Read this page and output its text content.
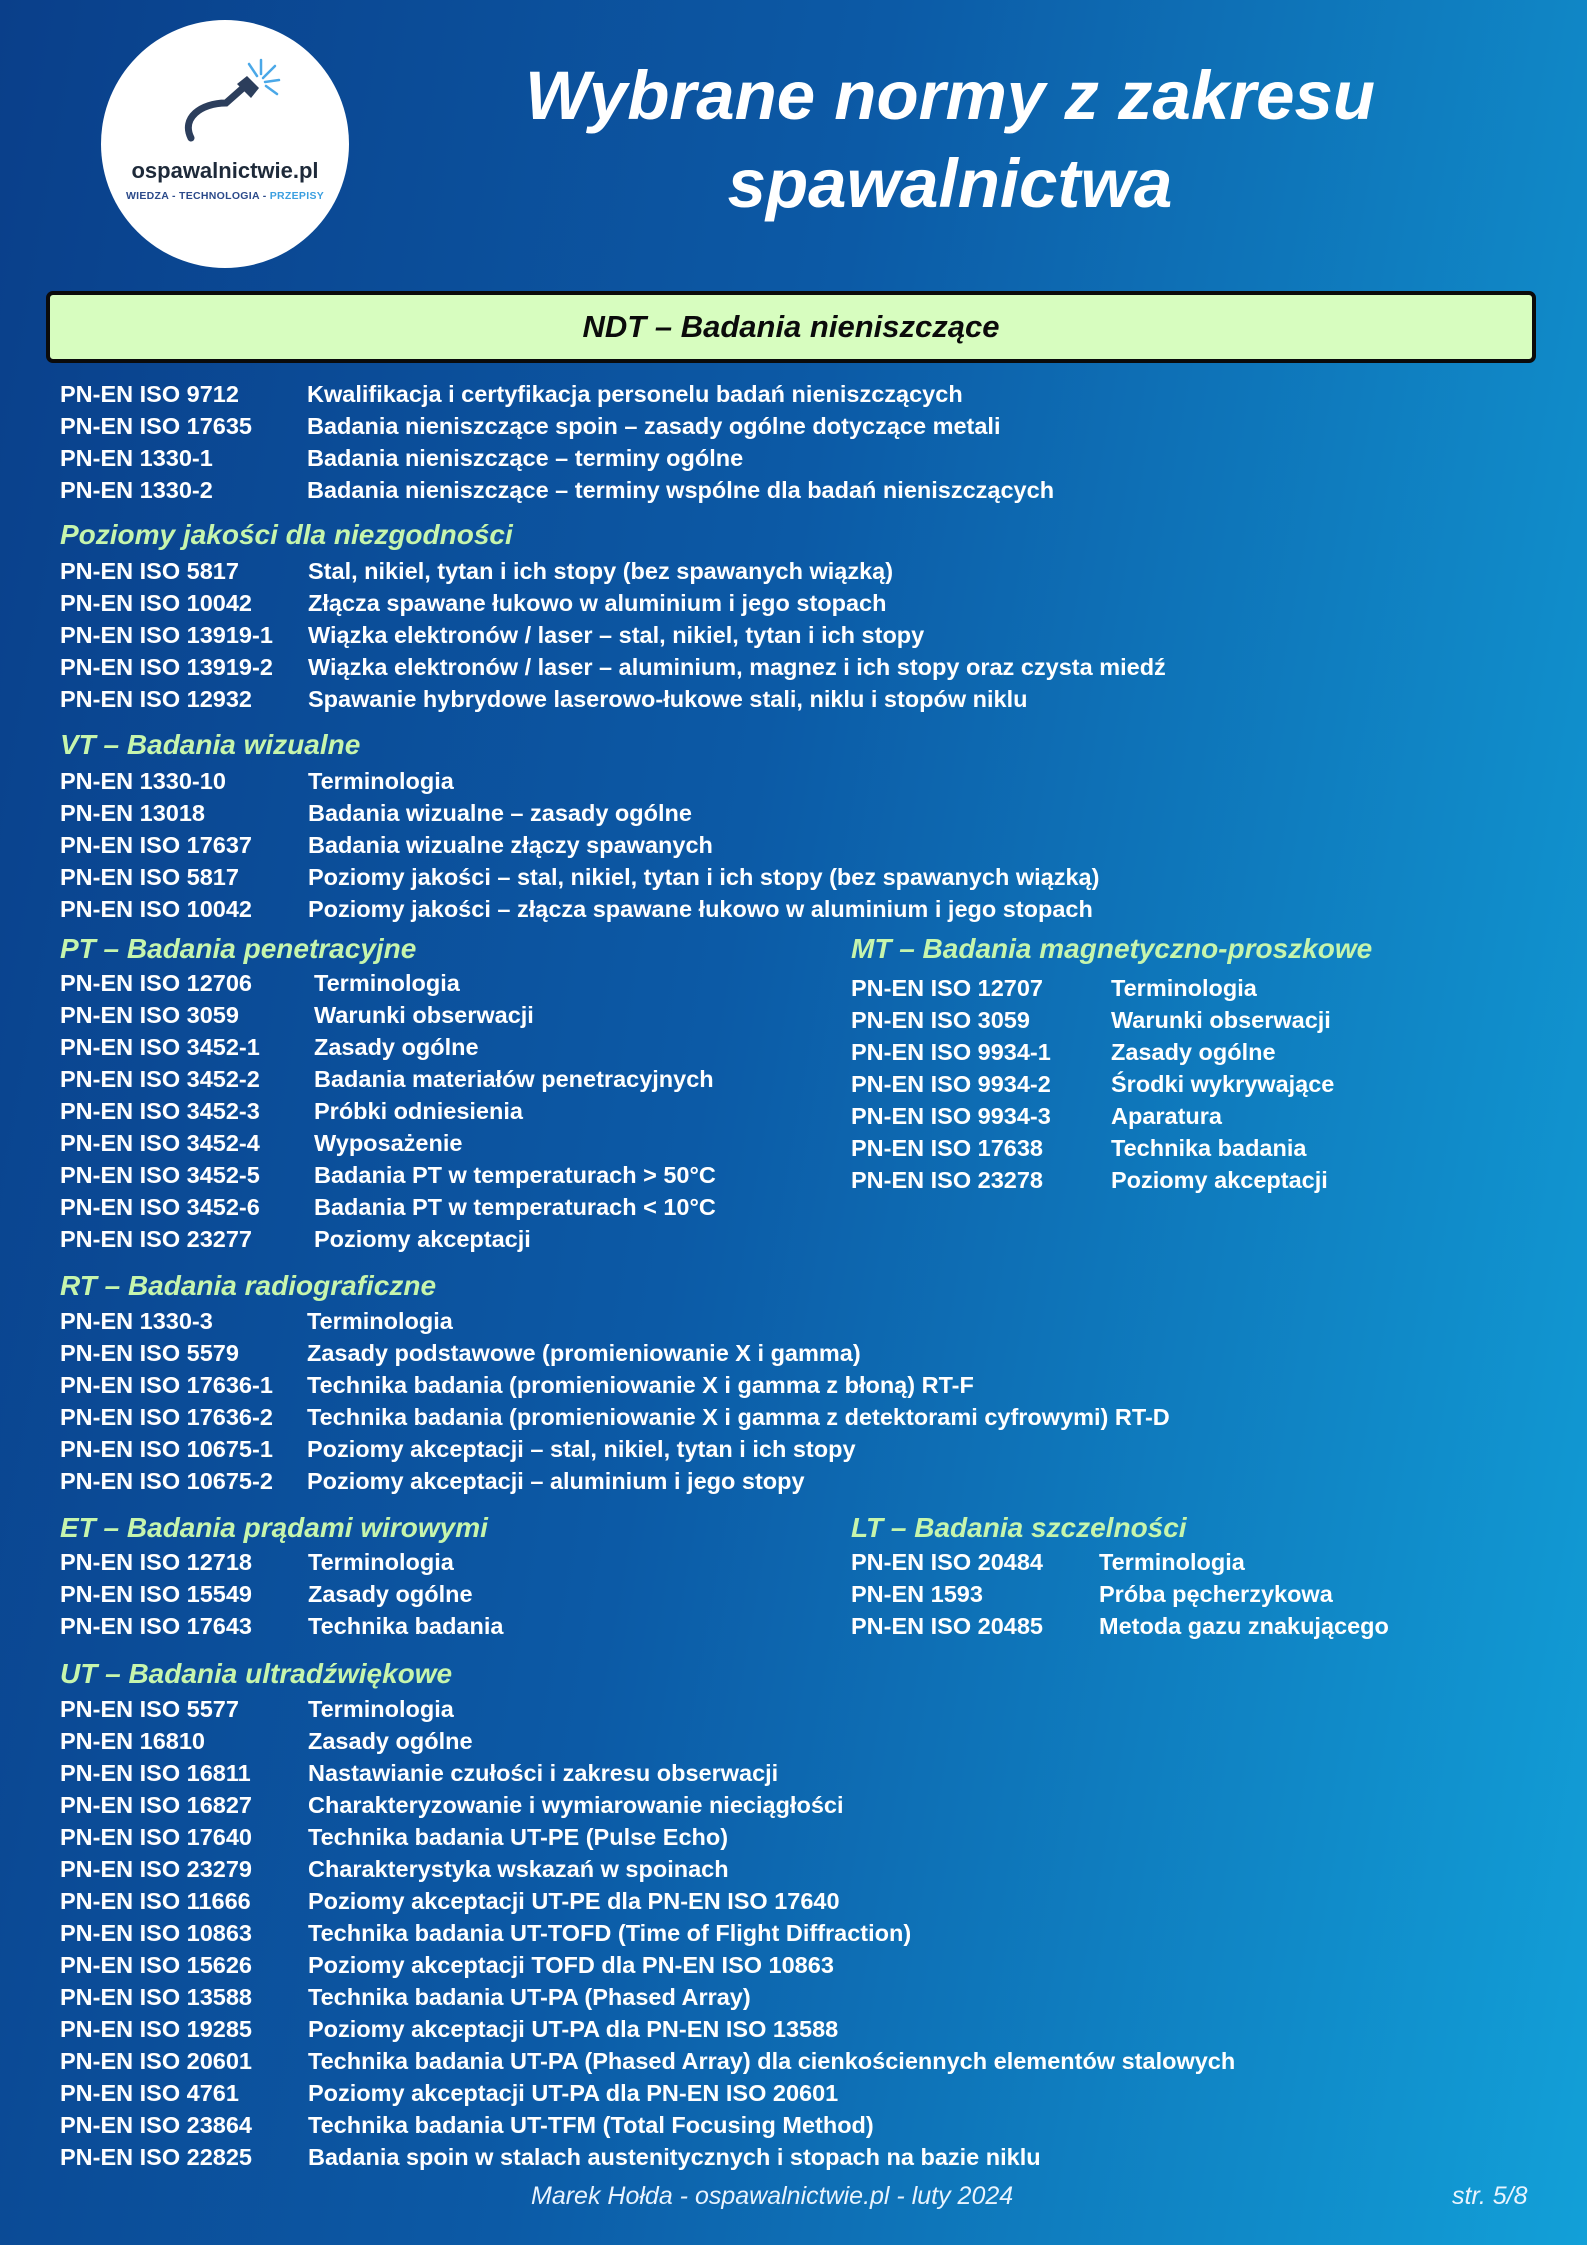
ospawalnictwie.pl
WIEDZA - TECHNOLOGIA - PRZEPISY
Wybrane normy z zakresu
spawalnictwa
NDT – Badania nieniszczące
PN-EN ISO 9712	Kwalifikacja i certyfikacja personelu badań nieniszczących
PN-EN ISO 17635	Badania nieniszczące spoin – zasady ogólne dotyczące metali
PN-EN 1330-1	Badania nieniszczące – terminy ogólne
PN-EN 1330-2	Badania nieniszczące – terminy wspólne dla badań nieniszczących
Poziomy jakości dla niezgodności
PN-EN ISO 5817	Stal, nikiel, tytan i ich stopy (bez spawanych wiązką)
PN-EN ISO 10042	Złącza spawane łukowo w aluminium i jego stopach
PN-EN ISO 13919-1	Wiązka elektronów / laser – stal, nikiel, tytan i ich stopy
PN-EN ISO 13919-2	Wiązka elektronów / laser – aluminium, magnez i ich stopy oraz czysta miedź
PN-EN ISO 12932	Spawanie hybrydowe laserowo-łukowe stali, niklu i stopów niklu
VT – Badania wizualne
PN-EN 1330-10	Terminologia
PN-EN 13018	Badania wizualne – zasady ogólne
PN-EN ISO 17637	Badania wizualne złączy spawanych
PN-EN ISO 5817	Poziomy jakości – stal, nikiel, tytan i ich stopy (bez spawanych wiązką)
PN-EN ISO 10042	Poziomy jakości – złącza spawane łukowo w aluminium i jego stopach
PT – Badania penetracyjne
PN-EN ISO 12706	Terminologia
PN-EN ISO 3059	Warunki obserwacji
PN-EN ISO 3452-1	Zasady ogólne
PN-EN ISO 3452-2	Badania materiałów penetracyjnych
PN-EN ISO 3452-3	Próbki odniesienia
PN-EN ISO 3452-4	Wyposażenie
PN-EN ISO 3452-5	Badania PT w temperaturach > 50°C
PN-EN ISO 3452-6	Badania PT w temperaturach < 10°C
PN-EN ISO 23277	Poziomy akceptacji
MT – Badania magnetyczno-proszkowe
PN-EN ISO 12707	Terminologia
PN-EN ISO 3059	Warunki obserwacji
PN-EN ISO 9934-1	Zasady ogólne
PN-EN ISO 9934-2	Środki wykrywające
PN-EN ISO 9934-3	Aparatura
PN-EN ISO 17638	Technika badania
PN-EN ISO 23278	Poziomy akceptacji
RT – Badania radiograficzne
PN-EN 1330-3	Terminologia
PN-EN ISO 5579	Zasady podstawowe (promieniowanie X i gamma)
PN-EN ISO 17636-1	Technika badania (promieniowanie X i gamma z błoną) RT-F
PN-EN ISO 17636-2	Technika badania (promieniowanie X i gamma z detektorami cyfrowymi) RT-D
PN-EN ISO 10675-1	Poziomy akceptacji – stal, nikiel, tytan i ich stopy
PN-EN ISO 10675-2	Poziomy akceptacji – aluminium i jego stopy
ET – Badania prądami wirowymi
PN-EN ISO 12718	Terminologia
PN-EN ISO 15549	Zasady ogólne
PN-EN ISO 17643	Technika badania
LT – Badania szczelności
PN-EN ISO 20484	Terminologia
PN-EN 1593	Próba pęcherzykowa
PN-EN ISO 20485	Metoda gazu znakującego
UT – Badania ultradźwiękowe
PN-EN ISO 5577	Terminologia
PN-EN 16810	Zasady ogólne
PN-EN ISO 16811	Nastawianie czułości i zakresu obserwacji
PN-EN ISO 16827	Charakteryzowanie i wymiarowanie nieciągłości
PN-EN ISO 17640	Technika badania UT-PE (Pulse Echo)
PN-EN ISO 23279	Charakterystyka wskazań w spoinach
PN-EN ISO 11666	Poziomy akceptacji UT-PE dla PN-EN ISO 17640
PN-EN ISO 10863	Technika badania UT-TOFD (Time of Flight Diffraction)
PN-EN ISO 15626	Poziomy akceptacji TOFD dla PN-EN ISO 10863
PN-EN ISO 13588	Technika badania UT-PA (Phased Array)
PN-EN ISO 19285	Poziomy akceptacji UT-PA dla PN-EN ISO 13588
PN-EN ISO 20601	Technika badania UT-PA (Phased Array) dla cienkościennych elementów stalowych
PN-EN ISO 4761	Poziomy akceptacji UT-PA dla PN-EN ISO 20601
PN-EN ISO 23864	Technika badania UT-TFM (Total Focusing Method)
PN-EN ISO 22825	Badania spoin w stalach austenitycznych i stopach na bazie niklu
Marek Hołda - ospawalnictwie.pl - luty 2024	str. 5/8
